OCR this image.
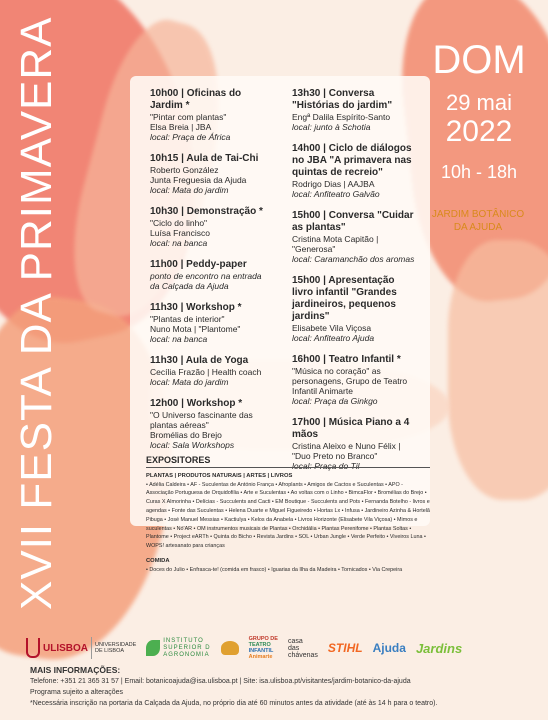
XVII FESTA DA PRIMAVERA	DOM
29 mai
2022
10h - 18h
JARDIM BOTÂNICO
DA AJUDA
10h00 | Oficinas do Jardim *
"Pintar com plantas"
Elsa Breia | JBA
local: Praça de África
10h15 | Aula de Tai-Chi
Roberto González
Junta Freguesia da Ajuda
local: Mata do jardim
10h30 | Demonstração *
"Ciclo do linho"
Luísa Francisco
local: na banca
11h00 | Peddy-paper
ponto de encontro na entrada da Calçada da Ajuda
11h30 | Workshop *
"Plantas de interior"
Nuno Mota | "Plantome"
local: na banca
11h30 | Aula de Yoga
Cecília Frazão | Health coach
local: Mata do jardim
12h00 | Workshop *
"O Universo fascinante das plantas aéreas"
Bromélias do Brejo
local: Sala Workshops
13h30 | Conversa "Histórias do jardim"
Engª Dalila Espírito-Santo
local: junto à Schotia
14h00 | Ciclo de diálogos no JBA "A primavera nas quintas de recreio"
Rodrigo Dias | AAJBA
local: Anfiteatro Galvão
15h00 | Conversa "Cuidar as plantas"
Cristina Mota Capitão | "Generosa"
local: Caramanchão dos aromas
15h00 | Apresentação livro infantil "Grandes jardineiros, pequenos jardins"
Elisabete Vila Viçosa
local: Anfiteatro Ajuda
16h00 | Teatro Infantil *
"Música no coração" as personagens, Grupo de Teatro Infantil Animarte
local: Praça da Ginkgo
17h00 | Música Piano a 4 mãos
Cristina Aleixo e Nuno Félix | "Duo Preto no Branco"
local: Praça do Til
EXPOSITORES
PLANTAS | PRODUTOS NATURAIS | ARTES | LIVROS
• Adélia Caldeira • AF - Suculentas de António França • Afroplants • Amigos de Cactos e Suculentas • APO - Associação Portuguesa de Orquidofilia • Arte e Suculentas • Ao voltas com o Linho • BimcaFlor • Bromélias do Brejo • Curas X Almorinha • Delícias - Succulents and Cacti • EM Boutique - Succulents and Pots • Fernanda Botelho - livros e agendas • Fonte das Suculentas • Helena Duarte e Miguel Figueiredo • Hortas Lx • Infusa • Jardineiro Azinha & Hortelã Pibuga • José Manuel Messias • Kactiulya • Kelos da Anabela • Livros Horizonte (Elisabete Vila Viçosa) • Mimos e suculentas • Nó'AR • OM instrumentos musicais de Plantas • Orchidália • Plantas Perenifome • Plantas Soltas • Plantome • Project eARTh • Quinta do Bicho • Revista Jardins • SOL • Urban Jungle • Verde Perfeito • Viveiros Luna • WOPS! artesanato para crianças
COMIDA
• Doces do Julio • Enfrasca-te! (comida em frasco) • Iguarias da Ilha da Madeira • Tornicados • Via Crepeira
ULISBOA UNIVERSIDADE
DE LISBOA
INSTITUTO
SUPERIOR D
AGRONOMIA
GRUPO DE
TEATRO
INFANTIL
Animarte
casa
das
chávenas STIHL Ajuda Jardins
MAIS INFORMAÇÕES:
Telefone: +351 21 365 31 57 | Email: botanicoajuda@isa.ulisboa.pt | Site: isa.ulisboa.pt/visitantes/jardim-botanico-da-ajuda
Programa sujeito a alterações
*Necessária inscrição na portaria da Calçada da Ajuda, no próprio dia até 60 minutos antes da atividade (até às 14 h para o teatro).
